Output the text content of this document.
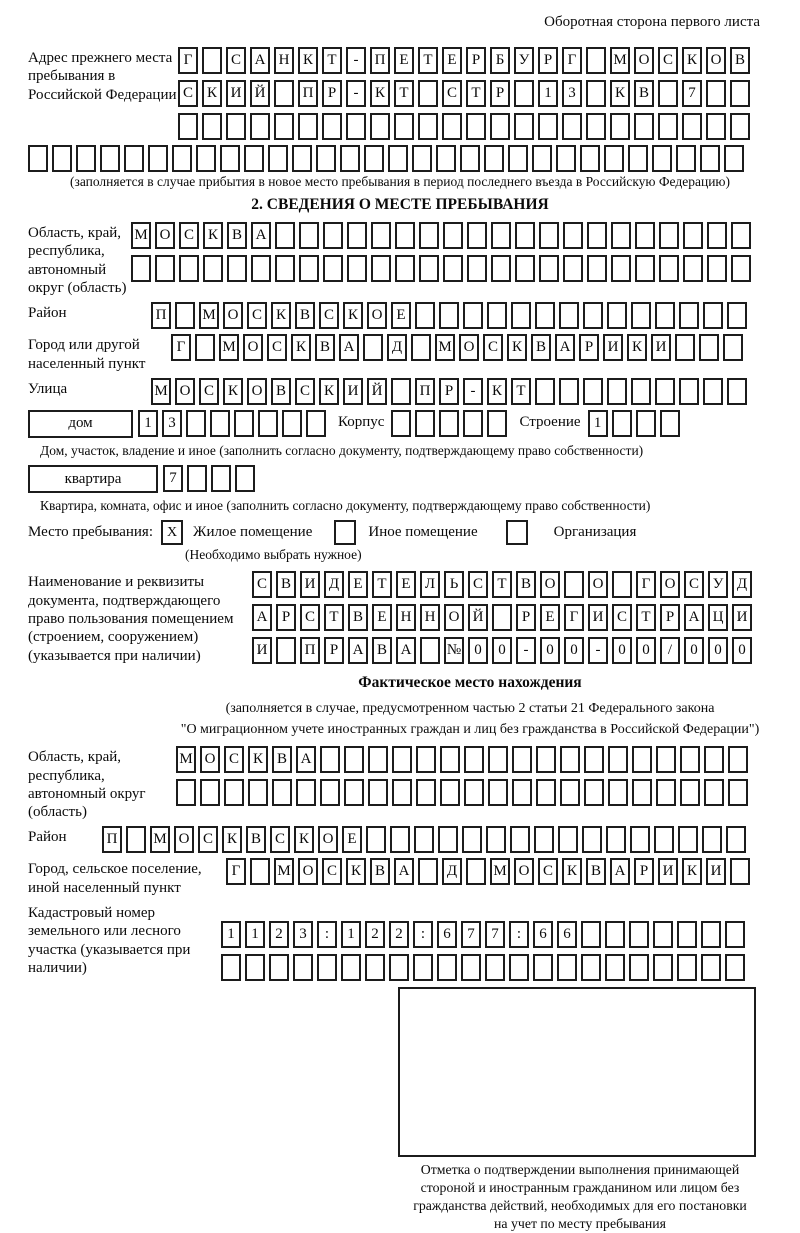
Оборотная сторона первого листа
Адрес прежнего места пребывания в Российской Федерации
Г	С А Н К Т	-	П Е Т Е	Р	Б У Р	Г	М О С К О В
С К И Й	П Р	-	К Т	С Т	Р	1	3	К В	7
(заполняется в случае прибытия в новое место пребывания в период последнего въезда в Российскую Федерацию)
2. СВЕДЕНИЯ О МЕСТЕ ПРЕБЫВАНИЯ
Область, край, республика, автономный округ (область)
М О С К В А
Район	П	М О С К В С К О Е
Город или другой населенный пункт
Г	М О С К В А	Д	М О С К В А Р И К И
Улица	М О С К О В С К И Й	П Р	-	К Т
дом	1	3	Корпус	Строение 1
Дом, участок, владение и иное (заполнить согласно документу, подтверждающему право собственности)
квартира	7
Квартира, комната, офис и иное (заполнить согласно документу, подтверждающему право собственности)
Место пребывания: X Жилое помещение	Иное помещение	Организация
(Необходимо выбрать нужное)
Наименование и реквизиты документа, подтверждающего право пользования помещением (строением, сооружением) (указывается при наличии)
С В И Д Е Т Е Л Ь С Т В О	О	Г О С У Д
А Р С Т В Е Н Н О Й	Р	Е	Г И С Т	Р А Ц И
И	П Р А В А	№ 0	0	-	0	0	-	0	0	/	0	0	0
Фактическое место нахождения
(заполняется в случае, предусмотренном частью 2 статьи 21 Федерального закона
"О миграционном учете иностранных граждан и лиц без гражданства в Российской Федерации")
Область, край, республика, автономный округ (область)
М О С К В А
Район	П	М О С К В С К О Е
Город, сельское поселение, иной населенный пункт
Г	М О С К В А	Д	М О С К В А Р И К И
Кадастровый номер земельного или лесного участка (указывается при наличии)
1	1	2	3	:	1	2	2	:	6	7	7	:	6	6
Отметка о подтверждении выполнения принимающей
стороной и иностранным гражданином или лицом без
гражданства действий, необходимых для его постановки
на учет по месту пребывания
